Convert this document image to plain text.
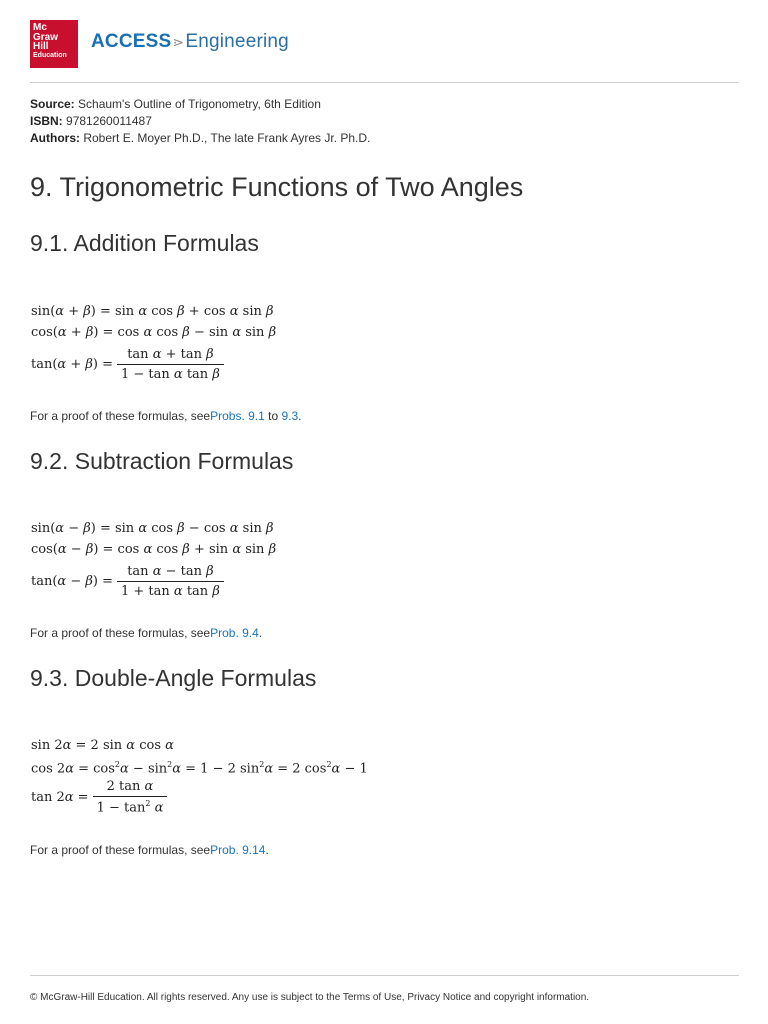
Mc
Graw
Hill
Education
ACCESS⋗Engineering
Source: Schaum's Outline of Trigonometry, 6th Edition
ISBN: 9781260011487
Authors: Robert E. Moyer Ph.D., The late Frank Ayres Jr. Ph.D.
9. Trigonometric Functions of Two Angles
9.1. Addition Formulas
sin(α + β) = sin α cos β + cos α sin β
cos(α + β) = cos α cos β − sin α sin β
$\tan(\alpha + \beta) = \frac{\text{tan α + tan β}}{\text{1 − tan α tan β}}$
For a proof of these formulas, seeProbs. 9.1 to 9.3.
9.2. Subtraction Formulas
sin(α − β) = sin α cos β − cos α sin β
cos(α − β) = cos α cos β + sin α sin β
$\tan(\alpha - \beta) = \frac{\text{tan α − tan β}}{\text{1 + tan α tan β}}$
For a proof of these formulas, seeProb. 9.4.
9.3. Double-Angle Formulas
sin 2α = 2 sin α cos α
$\cos 2\alpha = \cos^2\alpha - \sin^2\alpha = 1 - 2$ $\sin^2\alpha = 2$ $\cos^2\alpha - 1$
$\tan 2\alpha = \frac{\text{2 tan α}}{1 - \tan^2 \alpha}$
For a proof of these formulas, seeProb. 9.14.
© McGraw-Hill Education. All rights reserved. Any use is subject to the Terms of Use, Privacy Notice and copyright information.
